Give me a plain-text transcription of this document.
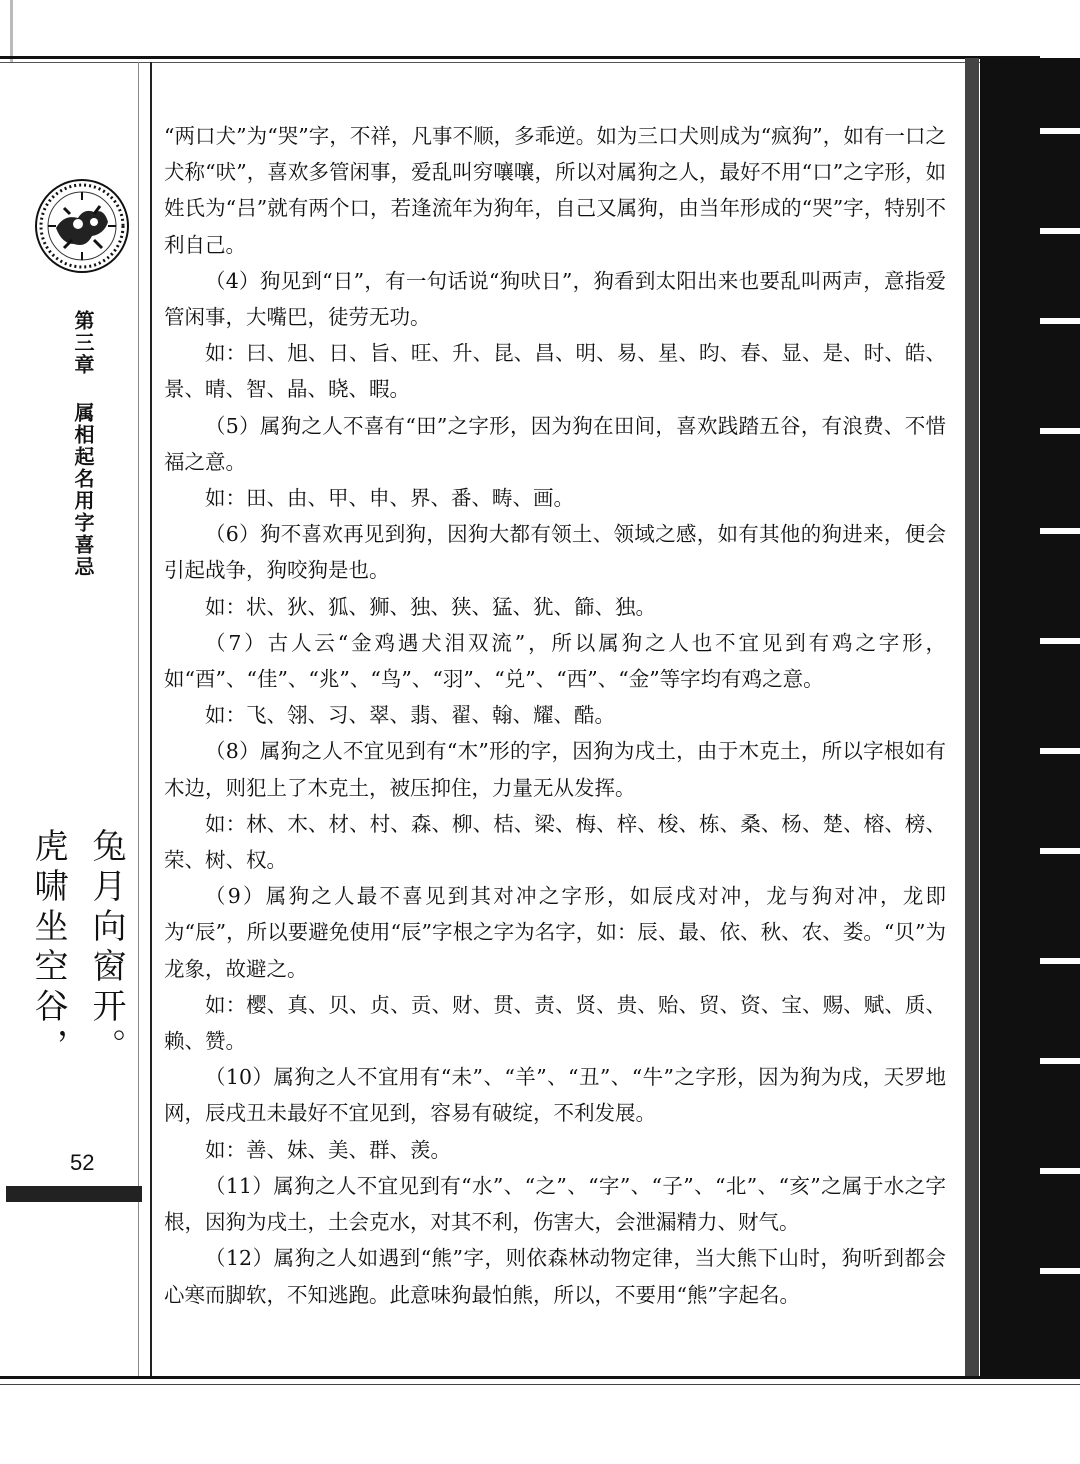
第三章属相起名用字喜忌
兔月向窗开。
虎啸坐空谷，
52

“两口犬”为“哭”字，不祥，凡事不顺，多乖逆。如为三口犬则成为“疯狗”，如有一口之犬称“吠”，喜欢多管闲事，爱乱叫穷嚷嚷，所以对属狗之人，最好不用“口”之字形，如姓氏为“吕”就有两个口，若逢流年为狗年，自己又属狗，由当年形成的“哭”字，特别不利自己。

（4）狗见到“日”，有一句话说“狗吠日”，狗看到太阳出来也要乱叫两声，意指爱管闲事，大嘴巴，徒劳无功。

如：曰、旭、日、旨、旺、升、昆、昌、明、易、星、昀、春、显、是、时、皓、景、晴、智、晶、晓、暇。

（5）属狗之人不喜有“田”之字形，因为狗在田间，喜欢践踏五谷，有浪费、不惜福之意。

如：田、由、甲、申、界、番、畴、画。

（6）狗不喜欢再见到狗，因狗大都有领土、领域之感，如有其他的狗进来，便会引起战争，狗咬狗是也。

如：状、狄、狐、狮、独、狭、猛、犹、篩、独。

（7）古人云“金鸡遇犬泪双流”，所以属狗之人也不宜见到有鸡之字形，如“酉”、“佳”、“兆”、“鸟”、“羽”、“兑”、“西”、“金”等字均有鸡之意。

如：飞、翎、习、翠、翡、翟、翰、耀、酷。

（8）属狗之人不宜见到有“木”形的字，因狗为戌土，由于木克土，所以字根如有木边，则犯上了木克土，被压抑住，力量无从发挥。

如：林、木、材、村、森、柳、桔、梁、梅、梓、梭、栋、桑、杨、楚、榕、榜、荣、树、权。

（9）属狗之人最不喜见到其对冲之字形，如辰戌对冲，龙与狗对冲，龙即为“辰”，所以要避免使用“辰”字根之字为名字，如：辰、最、依、秋、农、娄。“贝”为龙象，故避之。

如：樱、真、贝、贞、贡、财、贯、责、贤、贵、贻、贸、资、宝、赐、赋、质、赖、赞。

（10）属狗之人不宜用有“未”、“羊”、“丑”、“牛”之字形，因为狗为戌，天罗地网，辰戌丑未最好不宜见到，容易有破绽，不利发展。

如：善、妹、美、群、羡。

（11）属狗之人不宜见到有“水”、“之”、“字”、“子”、“北”、“亥”之属于水之字根，因狗为戌土，土会克水，对其不利，伤害大，会泄漏精力、财气。

（12）属狗之人如遇到“熊”字，则依森林动物定律，当大熊下山时，狗听到都会心寒而脚软，不知逃跑。此意味狗最怕熊，所以，不要用“熊”字起名。
